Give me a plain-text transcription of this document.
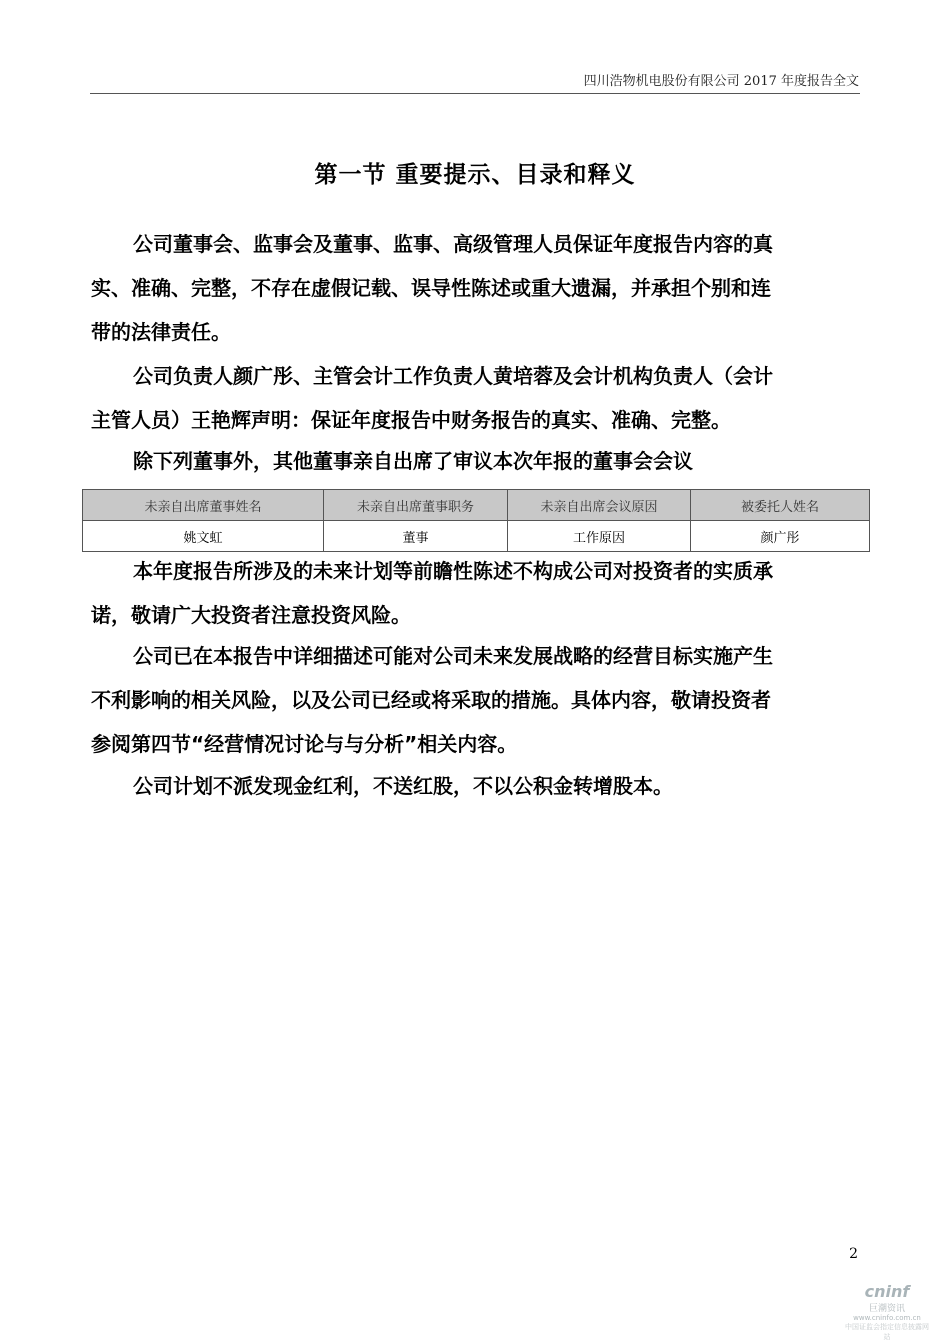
四川浩物机电股份有限公司 2017 年度报告全文
第一节 重要提示、目录和释义
公司董事会、监事会及董事、监事、高级管理人员保证年度报告内容的真
实、准确、完整，不存在虚假记载、误导性陈述或重大遗漏，并承担个别和连
带的法律责任。
公司负责人颜广彤、主管会计工作负责人黄培蓉及会计机构负责人（会计
主管人员）王艳辉声明：保证年度报告中财务报告的真实、准确、完整。
除下列董事外，其他董事亲自出席了审议本次年报的董事会会议
未亲自出席董事姓名	未亲自出席董事职务	未亲自出席会议原因	被委托人姓名
姚文虹	董事	工作原因	颜广彤
本年度报告所涉及的未来计划等前瞻性陈述不构成公司对投资者的实质承
诺，敬请广大投资者注意投资风险。
公司已在本报告中详细描述可能对公司未来发展战略的经营目标实施产生
不利影响的相关风险，以及公司已经或将采取的措施。具体内容，敬请投资者
参阅第四节“经营情况讨论与与分析”相关内容。
公司计划不派发现金红利，不送红股，不以公积金转增股本。
2
cninf
巨潮资讯
www.cninfo.com.cn
中国证监会指定信息披露网站
